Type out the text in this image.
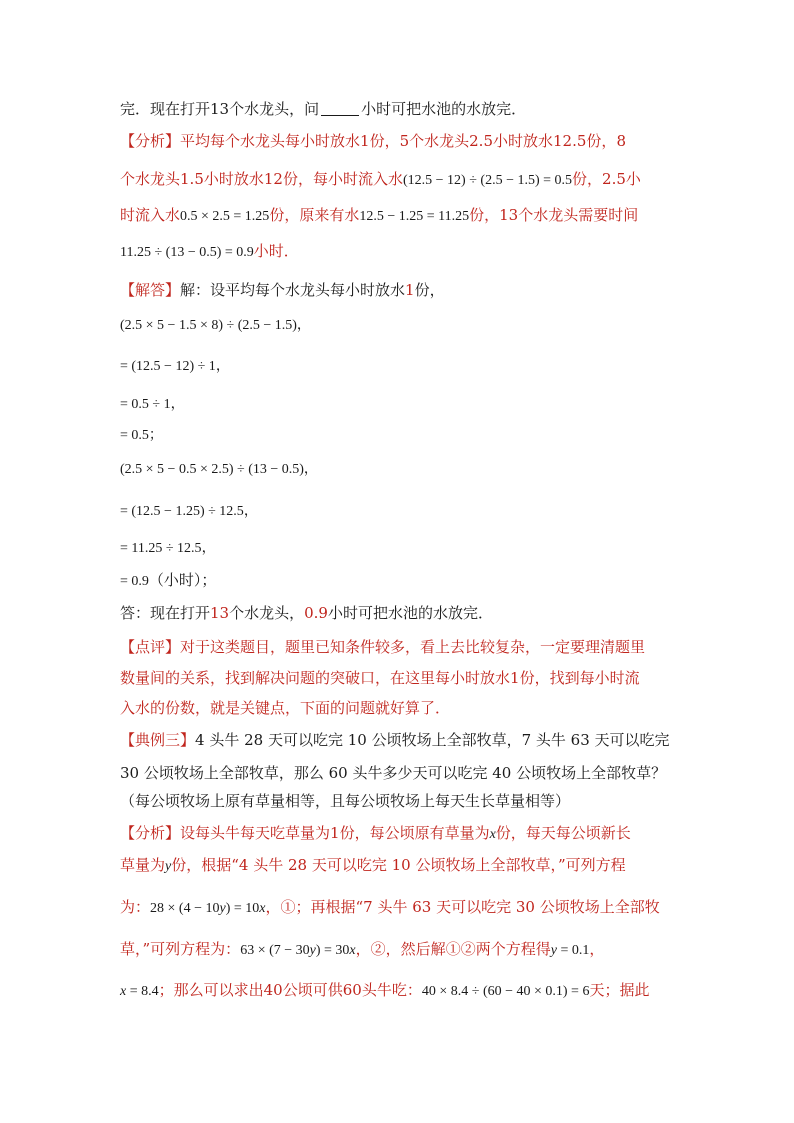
完．现在打开13个水龙头，问	小时可把水池的水放完．
【分析】平均每个水龙头每小时放水1份，5个水龙头2.5小时放水12.5份，8
个水龙头1.5小时放水12份，每小时流入水(12.5 − 12) ÷ (2.5 − 1.5) = 0.5份，2.5小
时流入水0.5 × 2.5 = 1.25份，原来有水12.5 − 1.25 = 11.25份，13个水龙头需要时间
11.25 ÷ (13 − 0.5) = 0.9小时．
【解答】解：设平均每个水龙头每小时放水1份，
(2.5 × 5 − 1.5 × 8) ÷ (2.5 − 1.5)，
= (12.5 − 12) ÷ 1，
= 0.5 ÷ 1，
= 0.5；
(2.5 × 5 − 0.5 × 2.5) ÷ (13 − 0.5)，
= (12.5 − 1.25) ÷ 12.5，
= 11.25 ÷ 12.5，
= 0.9（小时）；
答：现在打开13个水龙头，0.9小时可把水池的水放完．
【点评】对于这类题目，题里已知条件较多，看上去比较复杂，一定要理清题里
数量间的关系，找到解决问题的突破口，在这里每小时放水1份，找到每小时流
入水的份数，就是关键点，下面的问题就好算了．
【典例三】4 头牛 28 天可以吃完 10 公顷牧场上全部牧草，7 头牛 63 天可以吃完
30 公顷牧场上全部牧草，那么 60 头牛多少天可以吃完 40 公顷牧场上全部牧草？
（每公顷牧场上原有草量相等，且每公顷牧场上每天生长草量相等）
【分析】设每头牛每天吃草量为1份，每公顷原有草量为x份，每天每公顷新长
草量为y份，根据“4 头牛 28 天可以吃完 10 公顷牧场上全部牧草，”可列方程
为：28 × (4 − 10y) = 10x，①；再根据“7 头牛 63 天可以吃完 30 公顷牧场上全部牧
草，”可列方程为：63 × (7 − 30y) = 30x，②，然后解①②两个方程得y = 0.1，
x = 8.4；那么可以求出40公顷可供60头牛吃：40 × 8.4 ÷ (60 − 40 × 0.1) = 6天；据此
